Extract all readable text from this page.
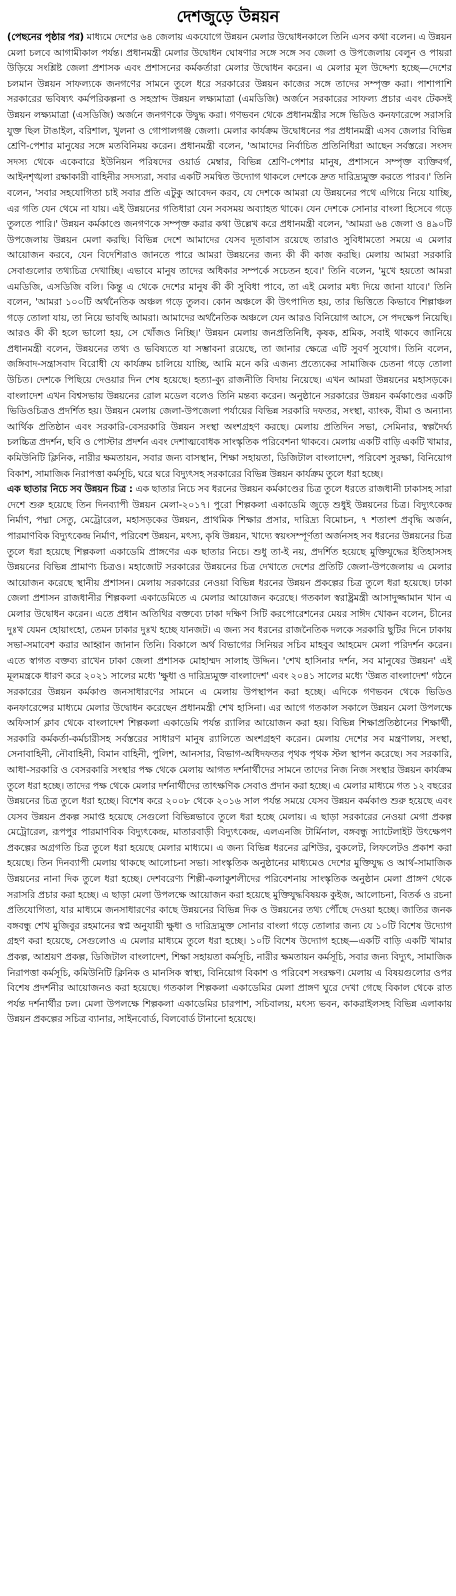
দেশজুড়ে উন্নয়ন

(পেছনের পৃষ্ঠার পর) মাধ্যমে দেশের ৬৪ জেলায় একযোগে উন্নয়ন মেলার উদ্বোধনকালে তিনি এসব কথা বলেন। এ উন্নয়ন মেলা চলবে আগামীকাল পর্যন্ত। প্রধানমন্ত্রী মেলার উদ্বোধন ঘোষণার সঙ্গে সঙ্গে সব জেলা ও উপজেলায় বেলুন ও পায়রা উড়িয়ে সংশ্লিষ্ট জেলা প্রশাসক এবং প্রশাসনের কর্মকর্তারা মেলার উদ্বোধন করেন। এ মেলার মূল উদ্দেশ্য হচ্ছে—দেশের চলমান উন্নয়ন সাফল্যকে জনগণের সামনে তুলে ধরে সরকারের উন্নয়ন কাজের সঙ্গে তাদের সম্পৃক্ত করা। পাশাপাশি সরকারের ভবিষ্যৎ কর্মপরিকল্পনা ও সহস্রাব্দ উন্নয়ন লক্ষ্যমাত্রা (এমডিজি) অর্জনে সরকারের সাফল্য প্রচার এবং টেকসই উন্নয়ন লক্ষ্যমাত্রা (এসডিজি) অর্জনে জনগণকে উদ্বুদ্ধ করা। গণভবন থেকে প্রধানমন্ত্রীর সঙ্গে ভিডিও কনফারেন্সে সরাসরি যুক্ত ছিল টাঙাইল, বরিশাল, খুলনা ও গোপালগঞ্জ জেলা। মেলার কার্যক্রম উদ্বোধনের পর প্রধানমন্ত্রী এসব জেলার বিভিন্ন শ্রেণি-পেশার মানুষের সঙ্গে মতবিনিময় করেন। প্রধানমন্ত্রী বলেন, 'আমাদের নির্বাচিত প্রতিনিধিরা আছেন সর্বস্তরে। সংসদ সদস্য থেকে একেবারে ইউনিয়ন পরিষদের ওয়ার্ড মেম্বার, বিভিন্ন শ্রেণি-পেশার মানুষ, প্রশাসনে সম্পৃক্ত ব্যক্তিবর্গ, আইনশৃঙ্খলা রক্ষাকারী বাহিনীর সদস্যরা, সবার একটি সমন্বিত উদ্যোগ থাকলে দেশকে দ্রুত দারিদ্র্যমুক্ত করতে পারব।' তিনি বলেন, 'সবার সহযোগিতা চাই সবার প্রতি এটুকু আবেদন করব, যে দেশকে আমরা যে উন্নয়নের পথে এগিয়ে নিয়ে যাচ্ছি, এর গতি যেন থেমে না যায়। এই উন্নয়নের গতিধারা যেন সবসময় অব্যাহত থাকে। যেন দেশকে সোনার বাংলা হিসেবে গড়ে তুলতে পারি।' উন্নয়ন কর্মকাণ্ডে জনগণকে সম্পৃক্ত করার কথা উল্লেখ করে প্রধানমন্ত্রী বলেন, 'আমরা ৬৪ জেলা ও ৪৯০টি উপজেলায় উন্নয়ন মেলা করছি। বিভিন্ন দেশে আমাদের যেসব দূতাবাস রয়েছে তারাও সুবিধামতো সময়ে এ মেলার আয়োজন করবে, যেন বিদেশিরাও জানতে পারে আমরা উন্নয়নের জন্য কী কী কাজ করছি। মেলায় আমরা সরকারি সেবাগুলোর তথ্যচিত্র দেখাচ্ছি। এভাবে মানুষ তাদের অধিকার সম্পর্কে সচেতন হবে।' তিনি বলেন, 'মুখে হয়তো আমরা এমডিজি, এসডিজি বলি। কিন্তু এ থেকে দেশের মানুষ কী কী সুবিধা পাবে, তা এই মেলার মধ্য দিয়ে জানা যাবে।' তিনি বলেন, 'আমরা ১০০টি অর্থনৈতিক অঞ্চল গড়ে তুলব। কোন অঞ্চলে কী উৎপাদিত হয়, তার ভিত্তিতে কিভাবে শিল্পাঞ্চল গড়ে তোলা যায়, তা নিয়ে ভাবছি আমরা। আমাদের অর্থনৈতিক অঞ্চলে যেন আরও বিনিয়োগ আসে, সে পদক্ষেপ নিয়েছি। আরও কী কী হলে ভালো হয়, সে খোঁজও নিচ্ছি।' উন্নয়ন মেলায় জনপ্রতিনিধি, কৃষক, শ্রমিক, সবাই থাকবে জানিয়ে প্রধানমন্ত্রী বলেন, উন্নয়নের তথ্য ও ভবিষ্যতে যা সম্ভাবনা রয়েছে, তা জানার ক্ষেত্রে এটি সুবর্ণ সুযোগ। তিনি বলেন, জঙ্গিবাদ-সন্ত্রাসবাদ বিরোধী যে কার্যক্রম চালিয়ে যাচ্ছি, আমি মনে করি এজন্য প্রত্যেকের সামাজিক চেতনা গড়ে তোলা উচিত। দেশকে পিছিয়ে দেওয়ার দিন শেষ হয়েছে। হত্যা-ক্যু রাজনীতি বিদায় নিয়েছে। এখন আমরা উন্নয়নের মহাসড়কে। বাংলাদেশ এখন বিশ্বসভায় উন্নয়নের রোল মডেল বলেও তিনি মন্তব্য করেন। অনুষ্ঠানে সরকারের উন্নয়ন কর্মকাণ্ডের একটি ভিডিওচিত্রও প্রদর্শিত হয়। উন্নয়ন মেলায় জেলা-উপজেলা পর্যায়ের বিভিন্ন সরকারি দফতর, সংস্থা, ব্যাংক, বীমা ও অন্যান্য আর্থিক প্রতিষ্ঠান এবং সরকারি-বেসরকারি উন্নয়ন সংস্থা অংশগ্রহণ করছে। মেলায় প্রতিদিন সভা, সেমিনার, স্বল্পদৈর্ঘ্য চলচ্চিত্র প্রদর্শন, ছবি ও পোস্টার প্রদর্শন এবং দেশাত্মবোধক সাংস্কৃতিক পরিবেশনা থাকবে। মেলায় একটি বাড়ি একটি খামার, কমিউনিটি ক্লিনিক, নারীর ক্ষমতায়ন, সবার জন্য বাসস্থান, শিক্ষা সহায়তা, ডিজিটাল বাংলাদেশ, পরিবেশ সুরক্ষা, বিনিয়োগ বিকাশ, সামাজিক নিরাপত্তা কর্মসূচি, ঘরে ঘরে বিদ্যুৎসহ সরকারের বিভিন্ন উন্নয়ন কার্যক্রম তুলে ধরা হচ্ছে।

এক ছাতার নিচে সব উন্নয়ন চিত্র : এক ছাতার নিচে সব ধরনের উন্নয়ন কর্মকাণ্ডের চিত্র তুলে ধরতে রাজধানী ঢাকাসহ সারা দেশে শুরু হয়েছে তিন দিনব্যাপী উন্নয়ন মেলা-২০১৭। পুরো শিল্পকলা একাডেমি জুড়ে শুধুই উন্নয়নের চিত্র। বিদ্যুৎকেন্দ্র নির্মাণ, পদ্মা সেতু, মেট্রোরেল, মহাসড়কের উন্নয়ন, প্রাথমিক শিক্ষার প্রসার, দারিদ্র্য বিমোচন, ৭ শতাংশ প্রবৃদ্ধি অর্জন, পারমাণবিক বিদ্যুৎকেন্দ্র নির্মাণ, পরিবেশ উন্নয়ন, মৎস্য, কৃষি উন্নয়ন, খাদ্যে স্বয়ংসম্পূর্ণতা অর্জনসহ সব ধরনের উন্নয়নের চিত্র তুলে ধরা হয়েছে শিল্পকলা একাডেমি প্রাঙ্গণের এক ছাতার নিচে। শুধু তা-ই নয়, প্রদর্শিত হয়েছে মুক্তিযুদ্ধের ইতিহাসসহ উন্নয়নের বিভিন্ন প্রামাণ্য চিত্রও। মহাজোট সরকারের উন্নয়নের চিত্র দেখাতে দেশের প্রতিটি জেলা-উপজেলায় এ মেলার আয়োজন করেছে স্থানীয় প্রশাসন। মেলায় সরকারের নেওয়া বিভিন্ন ধরনের উন্নয়ন প্রকল্পের চিত্র তুলে ধরা হয়েছে। ঢাকা জেলা প্রশাসন রাজধানীর শিল্পকলা একাডেমিতে এ মেলার আয়োজন করেছে। গতকাল স্বরাষ্ট্রমন্ত্রী আসাদুজ্জামান খান এ মেলার উদ্বোধন করেন। এতে প্রধান অতিথির বক্তব্যে ঢাকা দক্ষিণ সিটি করপোরেশনের মেয়র সাঈদ খোকন বলেন, চীনের দুঃখ যেমন হোয়াংহো, তেমন ঢাকার দুঃখ হচ্ছে যানজট। এ জন্য সব ধরনের রাজনৈতিক দলকে সরকারি ছুটির দিনে ঢাকায় সভা-সমাবেশ করার আহ্বান জানান তিনি। বিকালে অর্থ বিভাগের সিনিয়র সচিব মাহবুব আহমেদ মেলা পরিদর্শন করেন। এতে স্বাগত বক্তব্য রাখেন ঢাকা জেলা প্রশাসক মোহাম্মদ সালাহ উদ্দিন। 'শেখ হাসিনার দর্শন, সব মানুষের উন্নয়ন' এই মূলমন্ত্রকে ধারণ করে ২০২১ সালের মধ্যে 'ক্ষুধা ও দারিদ্র্যমুক্ত বাংলাদেশ' এবং ২০৪১ সালের মধ্যে 'উন্নত বাংলাদেশ' গঠনে সরকারের উন্নয়ন কর্মকাণ্ড জনসাধারণের সামনে এ মেলায় উপস্থাপন করা হচ্ছে। এদিকে গণভবন থেকে ভিডিও কনফারেন্সের মাধ্যমে মেলার উদ্বোধন করেছেন প্রধানমন্ত্রী শেখ হাসিনা। এর আগে গতকাল সকালে উন্নয়ন মেলা উপলক্ষে অফিসার্স ক্লাব থেকে বাংলাদেশ শিল্পকলা একাডেমি পর্যন্ত র‌্যালির আয়োজন করা হয়। বিভিন্ন শিক্ষাপ্রতিষ্ঠানের শিক্ষার্থী, সরকারি কর্মকর্তা-কর্মচারীসহ সর্বস্তরের সাধারণ মানুষ র‌্যালিতে অংশগ্রহণ করেন। মেলায় দেশের সব মন্ত্রণালয়, সংস্থা, সেনাবাহিনী, নৌবাহিনী, বিমান বাহিনী, পুলিশ, আনসার, বিভাগ-অধিদফতর পৃথক পৃথক স্টল স্থাপন করেছে। সব সরকারি, আধা-সরকারি ও বেসরকারি সংস্থার পক্ষ থেকে মেলায় আগত দর্শনার্থীদের সামনে তাদের নিজ নিজ সংস্থার উন্নয়ন কার্যক্রম তুলে ধরা হচ্ছে। তাদের পক্ষ থেকে মেলার দর্শনার্থীদের তাৎক্ষণিক সেবাও প্রদান করা হচ্ছে। এ মেলার মাধ্যমে গত ১২ বছরের উন্নয়নের চিত্র তুলে ধরা হচ্ছে। বিশেষ করে ২০০৮ থেকে ২০১৬ সাল পর্যন্ত সময়ে যেসব উন্নয়ন কর্মকাণ্ড শুরু হয়েছে এবং যেসব উন্নয়ন প্রকল্প সমাপ্ত হয়েছে সেগুলো বিভিন্নভাবে তুলে ধরা হচ্ছে মেলায়। এ ছাড়া সরকারের নেওয়া মেগা প্রকল্প মেট্রোরেল, রূপপুর পারমাণবিক বিদ্যুৎকেন্দ্র, মাতারবাড়ী বিদ্যুৎকেন্দ্র, এলএনজি টার্মিনাল, বঙ্গবন্ধু স্যাটেলাইট উৎক্ষেপণ প্রকল্পের অগ্রগতি চিত্র তুলে ধরা হয়েছে মেলার মাধ্যমে। এ জন্য বিভিন্ন ধরনের ব্রশিউর, বুকলেট, লিফলেটও প্রকাশ করা হয়েছে। তিন দিনব্যাপী মেলায় থাকছে আলোচনা সভা। সাংস্কৃতিক অনুষ্ঠানের মাধ্যমেও দেশের মুক্তিযুদ্ধ ও আর্থ-সামাজিক উন্নয়নের নানা দিক তুলে ধরা হচ্ছে। দেশবরেণ্য শিল্পী-কলাকুশলীদের পরিবেশনায় সাংস্কৃতিক অনুষ্ঠান মেলা প্রাঙ্গণ থেকে সরাসরি প্রচার করা হচ্ছে। এ ছাড়া মেলা উপলক্ষে আয়োজন করা হয়েছে মুক্তিযুদ্ধবিষয়ক কুইজ, আলোচনা, বিতর্ক ও রচনা প্রতিযোগিতা, যার মাধ্যমে জনসাধারণের কাছে উন্নয়নের বিভিন্ন দিক ও উন্নয়নের তথ্য পৌঁছে দেওয়া হচ্ছে। জাতির জনক বঙ্গবন্ধু শেখ মুজিবুর রহমানের স্বপ্ন অনুযায়ী ক্ষুধা ও দারিদ্র্যমুক্ত সোনার বাংলা গড়ে তোলার জন্য যে ১০টি বিশেষ উদ্যোগ গ্রহণ করা হয়েছে, সেগুলোও এ মেলার মাধ্যমে তুলে ধরা হচ্ছে। ১০টি বিশেষ উদ্যোগ হচ্ছে—একটি বাড়ি একটি খামার প্রকল্প, আশ্রয়ণ প্রকল্প, ডিজিটাল বাংলাদেশ, শিক্ষা সহায়তা কর্মসূচি, নারীর ক্ষমতায়ন কর্মসূচি, সবার জন্য বিদ্যুৎ, সামাজিক নিরাপত্তা কর্মসূচি, কমিউনিটি ক্লিনিক ও মানসিক স্বাস্থ্য, বিনিয়োগ বিকাশ ও পরিবেশ সংরক্ষণ। মেলায় এ বিষয়গুলোর ওপর বিশেষ প্রদর্শনীর আয়োজনও করা হয়েছে। গতকাল শিল্পকলা একাডেমির মেলা প্রাঙ্গণ ঘুরে দেখা গেছে বিকাল থেকে রাত পর্যন্ত দর্শনার্থীর ঢল। মেলা উপলক্ষে শিল্পকলা একাডেমির চারপাশ, সচিবালয়, মৎস্য ভবন, কাকরাইলসহ বিভিন্ন এলাকায় উন্নয়ন প্রকল্পের সচিত্র ব্যানার, সাইনবোর্ড, বিলবোর্ড টানানো হয়েছে।
